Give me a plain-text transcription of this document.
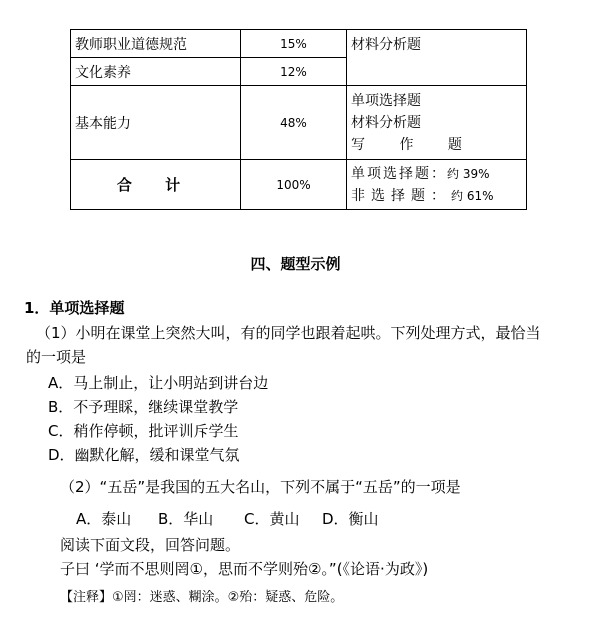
教师职业道德规范	15%	材料分析题
文化素养	12%	
基本能力	48%	单项选择题
材料分析题
写 作 题

合 计	100%	单项选择题：约 39%
非选择题：约 61%
四、题型示例
1．单项选择题
（1）小明在课堂上突然大叫，有的同学也跟着起哄。下列处理方式，最恰当
的一项是
A．马上制止，让小明站到讲台边
B．不予理睬，继续课堂教学
C．稍作停顿，批评训斥学生
D．幽默化解，缓和课堂气氛
（2）“五岳”是我国的五大名山，下列不属于“五岳”的一项是
A．泰山 B．华山 C．黄山 D．衡山
阅读下面文段，回答问题。
子曰 ‘学而不思则罔①，思而不学则殆②。”(《论语·为政》)
【注释】①罔：迷惑、糊涂。②殆：疑惑、危险。
